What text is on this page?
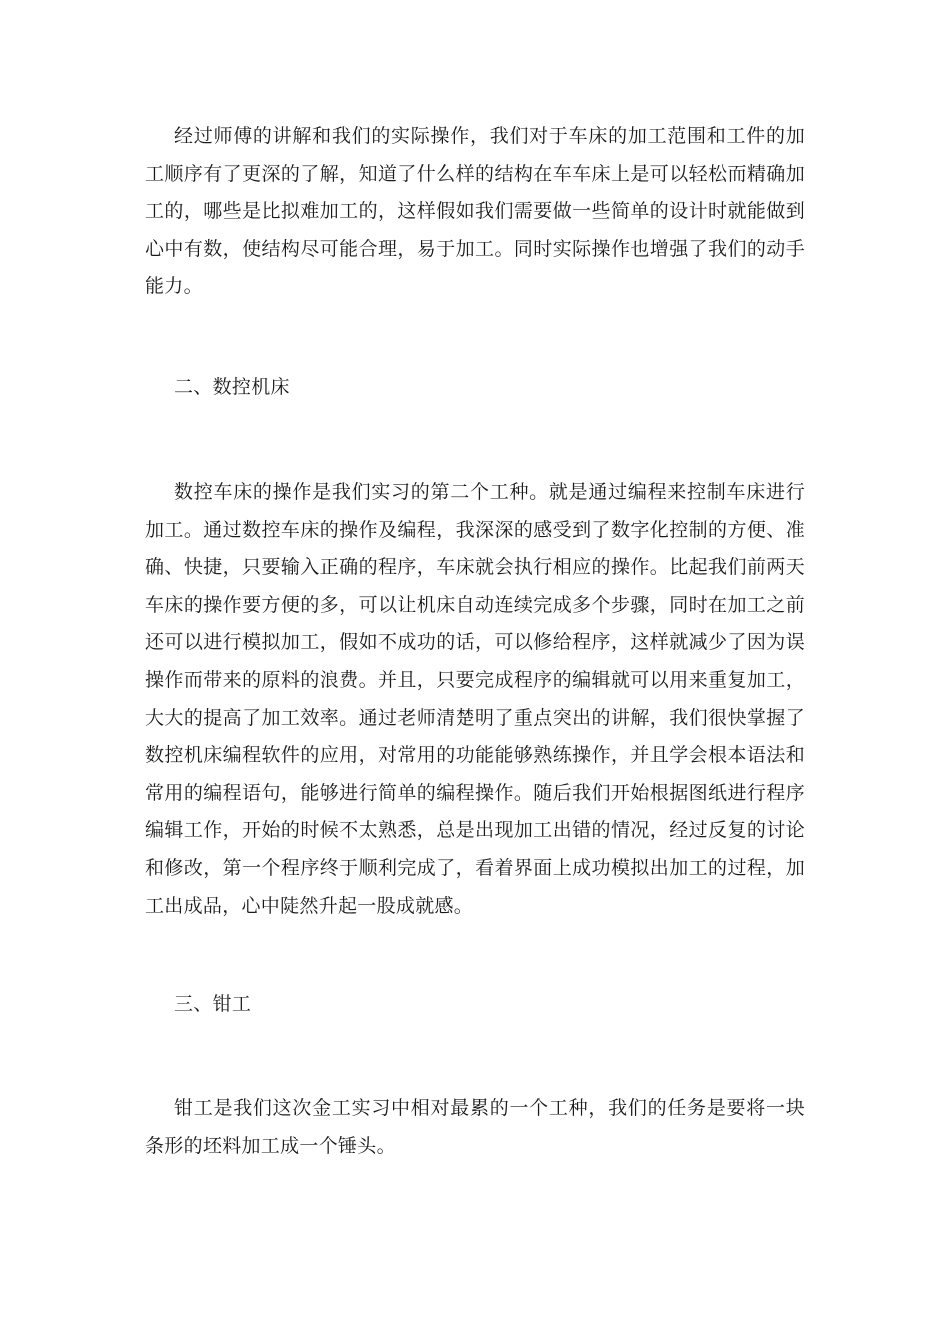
经过师傅的讲解和我们的实际操作，我们对于车床的加工范围和工件的加工顺序有了更深的了解，知道了什么样的结构在车车床上是可以轻松而精确加工的，哪些是比拟难加工的，这样假如我们需要做一些简单的设计时就能做到心中有数，使结构尽可能合理，易于加工。同时实际操作也增强了我们的动手能力。
二、数控机床
数控车床的操作是我们实习的第二个工种。就是通过编程来控制车床进行加工。通过数控车床的操作及编程，我深深的感受到了数字化控制的方便、准确、快捷，只要输入正确的程序，车床就会执行相应的操作。比起我们前两天车床的操作要方便的多，可以让机床自动连续完成多个步骤，同时在加工之前还可以进行模拟加工，假如不成功的话，可以修给程序，这样就减少了因为误操作而带来的原料的浪费。并且，只要完成程序的编辑就可以用来重复加工，大大的提高了加工效率。通过老师清楚明了重点突出的讲解，我们很快掌握了数控机床编程软件的应用，对常用的功能能够熟练操作，并且学会根本语法和常用的编程语句，能够进行简单的编程操作。随后我们开始根据图纸进行程序编辑工作，开始的时候不太熟悉，总是出现加工出错的情况，经过反复的讨论和修改，第一个程序终于顺利完成了，看着界面上成功模拟出加工的过程，加工出成品，心中陡然升起一股成就感。
三、钳工
钳工是我们这次金工实习中相对最累的一个工种，我们的任务是要将一块条形的坯料加工成一个锤头。
